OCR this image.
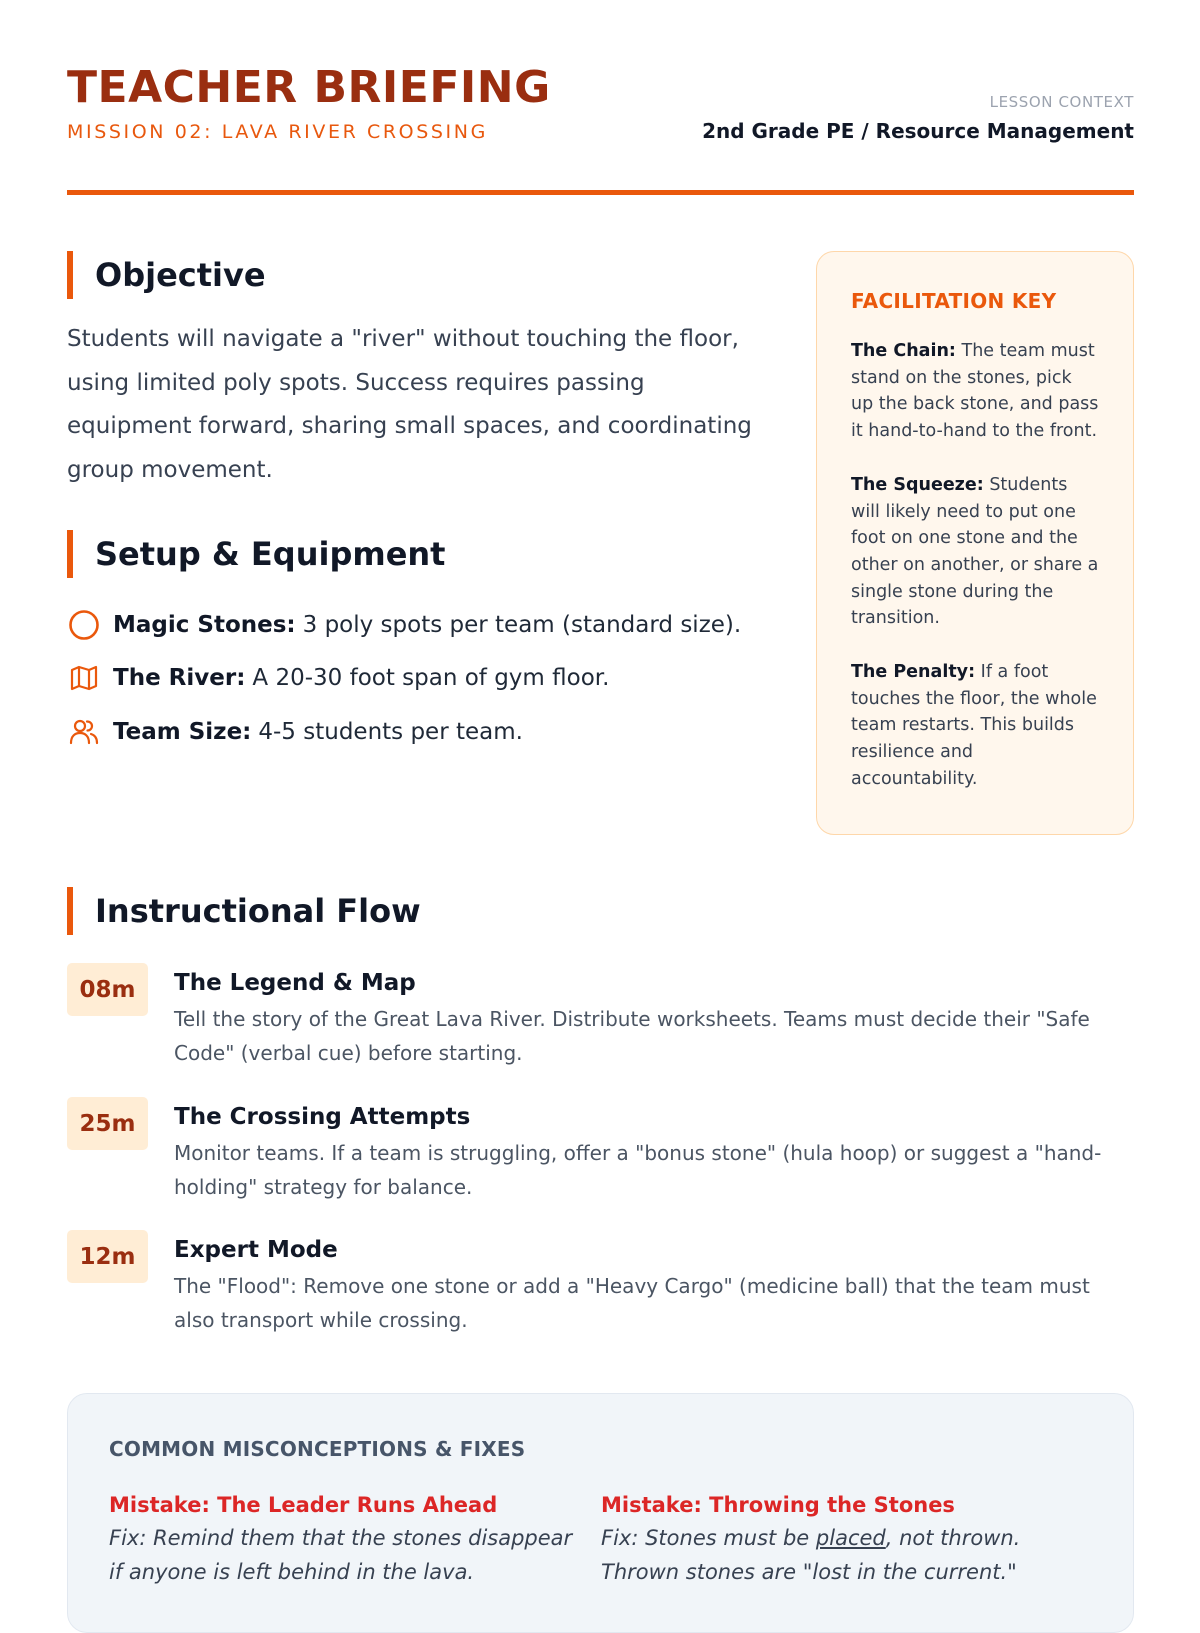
TEACHER BRIEFING
MISSION 02: LAVA RIVER CROSSING
LESSON CONTEXT
2nd Grade PE / Resource Management
Objective

Students will navigate a "river" without touching the floor, using limited poly spots. Success requires passing equipment forward, sharing small spaces, and coordinating group movement.

Setup & Equipment
Magic Stones: 3 poly spots per team (standard size).
The River: A 20-30 foot span of gym floor.
Team Size: 4-5 students per team.
FACILITATION KEY

The Chain: The team must stand on the stones, pick up the back stone, and pass it hand-to-hand to the front.

The Squeeze: Students will likely need to put one foot on one stone and the other on another, or share a single stone during the transition.

The Penalty: If a foot touches the floor, the whole team restarts. This builds resilience and accountability.

Instructional Flow
08m	The Legend & Map

Tell the story of the Great Lava River. Distribute worksheets. Teams must decide their "Safe Code" (verbal cue) before starting.

25m	The Crossing Attempts

Monitor teams. If a team is struggling, offer a "bonus stone" (hula hoop) or suggest a "hand-holding" strategy for balance.

12m	Expert Mode

The "Flood": Remove one stone or add a "Heavy Cargo" (medicine ball) that the team must also transport while crossing.

COMMON MISCONCEPTIONS & FIXES
Mistake: The Leader Runs Ahead

Fix: Remind them that the stones disappear if anyone is left behind in the lava.

Mistake: Throwing the Stones

Fix: Stones must be placed, not thrown. Thrown stones are "lost in the current."
